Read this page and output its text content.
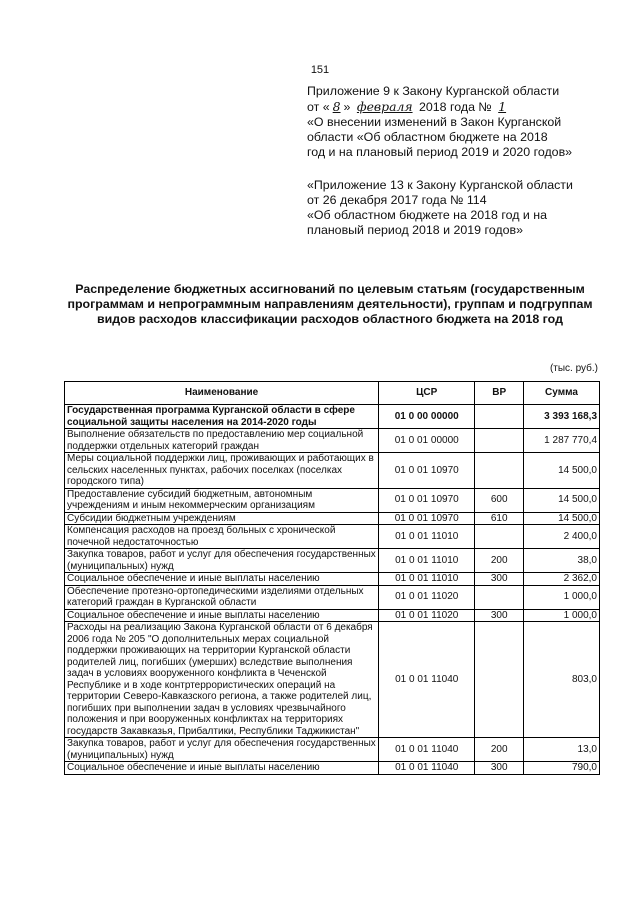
151
Приложение 9 к Закону Курганской области
от « 8 » февраля 2018 года № 1
«О внесении изменений в Закон Курганской
области «Об областном бюджете на 2018
год и на плановый период 2019 и 2020 годов»
«Приложение 13 к Закону Курганской области
от 26 декабря 2017 года № 114
«Об областном бюджете на 2018 год и на
плановый период 2018 и 2019 годов»
Распределение бюджетных ассигнований по целевым статьям (государственным программам и непрограммным направлениям деятельности), группам и подгруппам видов расходов классификации расходов областного бюджета на 2018 год
(тыс. руб.)
Наименование	ЦСР	ВР	Сумма
Государственная программа Курганской области в сфере социальной защиты населения на 2014-2020 годы	01 0 00 00000		3 393 168,3
Выполнение обязательств по предоставлению мер социальной поддержки отдельных категорий граждан	01 0 01 00000		1 287 770,4
Меры социальной поддержки лиц, проживающих и работающих в сельских населенных пунктах, рабочих поселках (поселках городского типа)	01 0 01 10970		14 500,0
Предоставление субсидий бюджетным, автономным учреждениям и иным некоммерческим организациям	01 0 01 10970	600	14 500,0
Субсидии бюджетным учреждениям	01 0 01 10970	610	14 500,0
Компенсация расходов на проезд больных с хронической почечной недостаточностью	01 0 01 11010		2 400,0
Закупка товаров, работ и услуг для обеспечения государственных (муниципальных) нужд	01 0 01 11010	200	38,0
Социальное обеспечение и иные выплаты населению	01 0 01 11010	300	2 362,0
Обеспечение протезно-ортопедическими изделиями отдельных категорий граждан в Курганской области	01 0 01 11020		1 000,0
Социальное обеспечение и иные выплаты населению	01 0 01 11020	300	1 000,0
Расходы на реализацию Закона Курганской области от 6 декабря 2006 года № 205 "О дополнительных мерах социальной поддержки проживающих на территории Курганской области родителей лиц, погибших (умерших) вследствие выполнения задач в условиях вооруженного конфликта в Чеченской Республике и в ходе контртеррористических операций на территории Северо-Кавказского региона, а также родителей лиц, погибших при выполнении задач в условиях чрезвычайного положения и при вооруженных конфликтах на территориях государств Закавказья, Прибалтики, Республики Таджикистан"	01 0 01 11040		803,0
Закупка товаров, работ и услуг для обеспечения государственных (муниципальных) нужд	01 0 01 11040	200	13,0
Социальное обеспечение и иные выплаты населению	01 0 01 11040	300	790,0
